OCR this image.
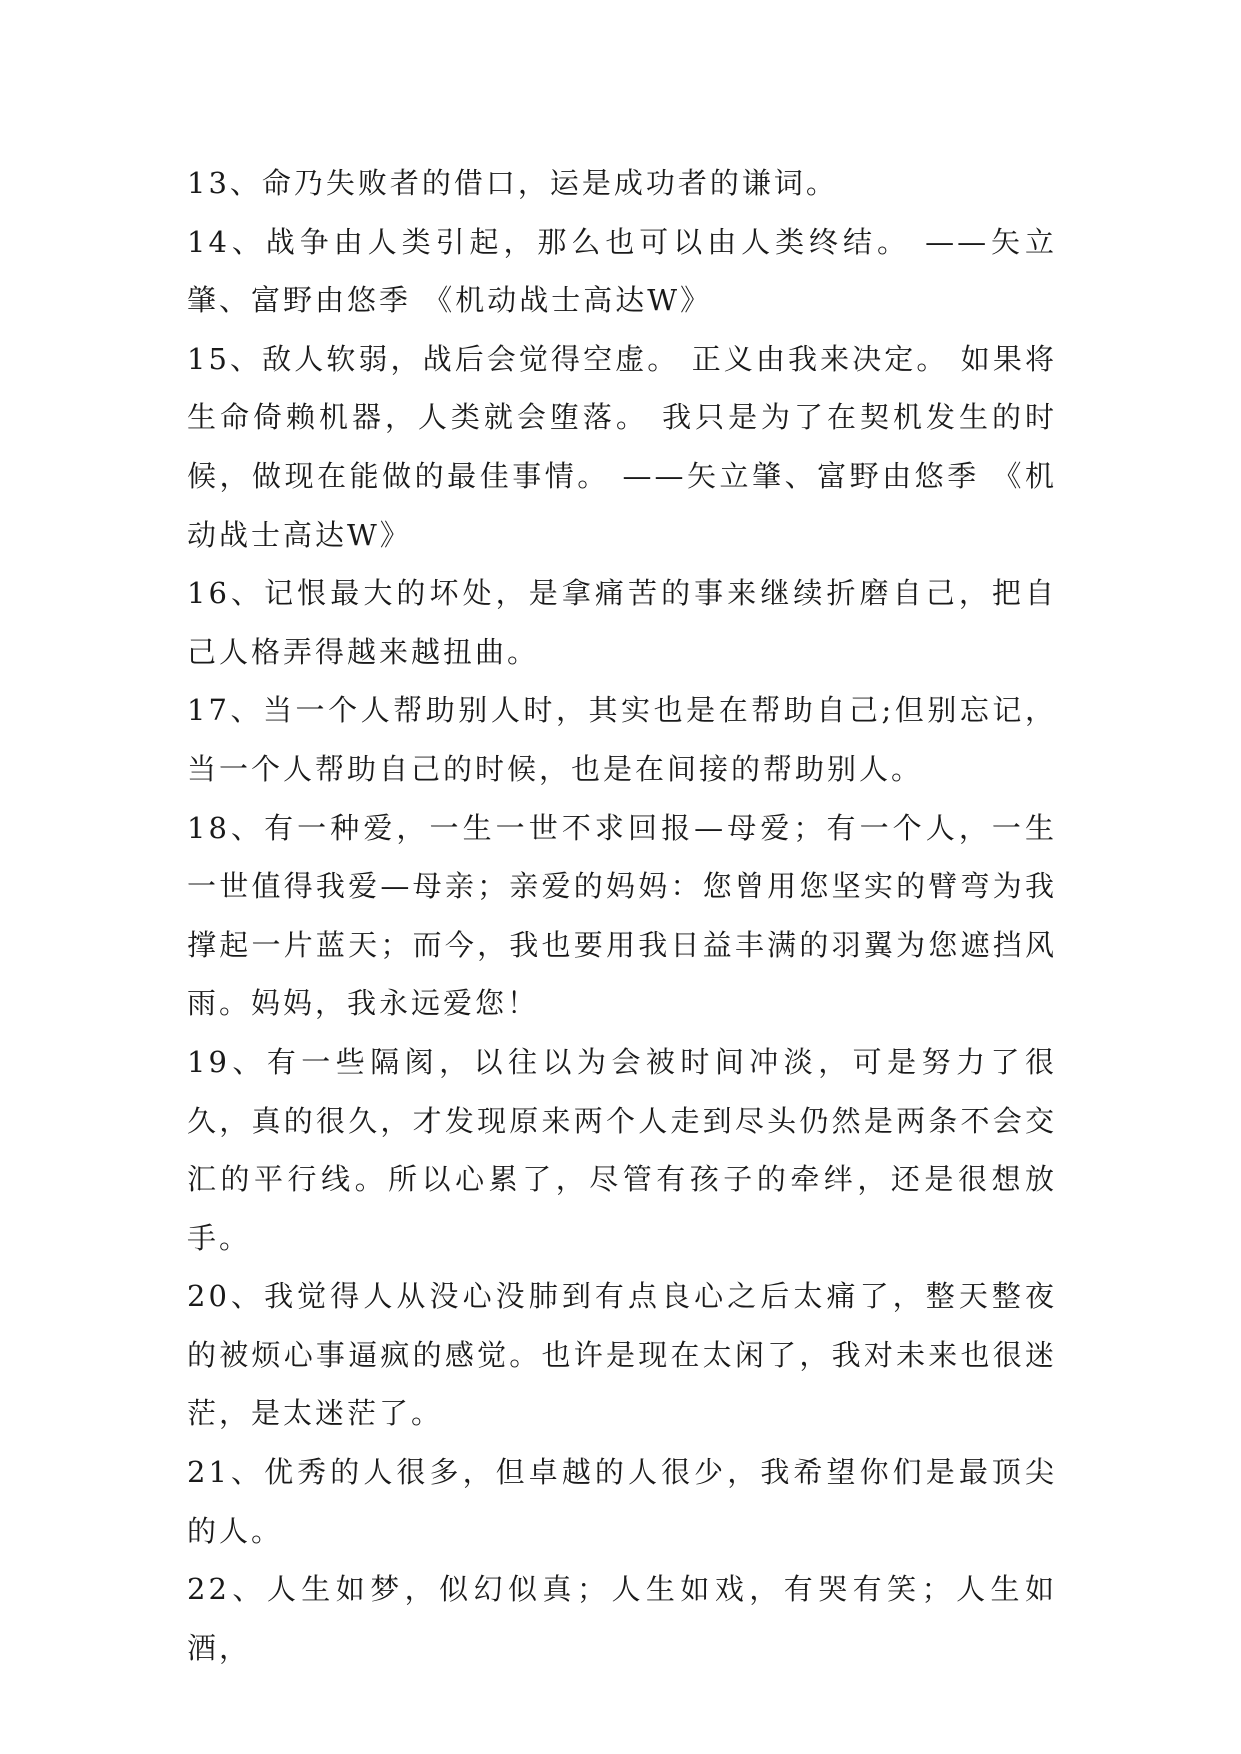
13、命乃失败者的借口，运是成功者的谦词。

14、战争由人类引起，那么也可以由人类终结。 ——矢立肇、富野由悠季 《机动战士高达W》

15、敌人软弱，战后会觉得空虚。 正义由我来决定。 如果将生命倚赖机器，人类就会堕落。 我只是为了在契机发生的时候，做现在能做的最佳事情。 ——矢立肇、富野由悠季 《机动战士高达W》

16、记恨最大的坏处，是拿痛苦的事来继续折磨自己，把自己人格弄得越来越扭曲。

17、当一个人帮助别人时，其实也是在帮助自己;但别忘记，当一个人帮助自己的时候，也是在间接的帮助别人。

18、有一种爱，一生一世不求回报—母爱；有一个人，一生一世值得我爱—母亲；亲爱的妈妈：您曾用您坚实的臂弯为我撑起一片蓝天；而今，我也要用我日益丰满的羽翼为您遮挡风雨。妈妈，我永远爱您！

19、有一些隔阂，以往以为会被时间冲淡，可是努力了很久，真的很久，才发现原来两个人走到尽头仍然是两条不会交汇的平行线。所以心累了，尽管有孩子的牵绊，还是很想放手。

20、我觉得人从没心没肺到有点良心之后太痛了，整天整夜的被烦心事逼疯的感觉。也许是现在太闲了，我对未来也很迷茫，是太迷茫了。

21、优秀的人很多，但卓越的人很少，我希望你们是最顶尖的人。

22、人生如梦，似幻似真；人生如戏，有哭有笑；人生如酒，
